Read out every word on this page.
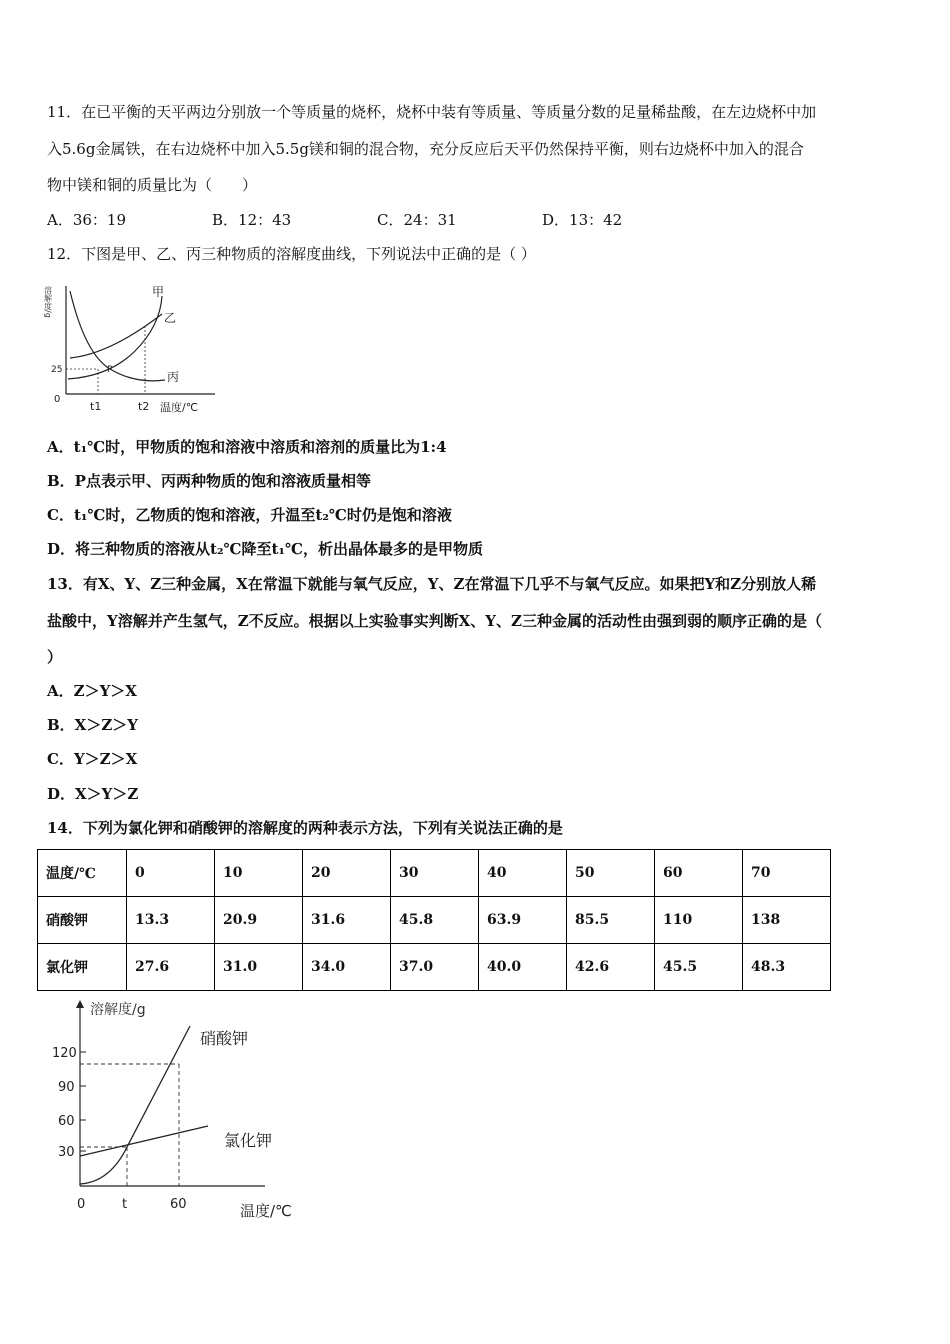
11．在已平衡的天平两边分别放一个等质量的烧杯，烧杯中装有等质量、等质量分数的足量稀盐酸，在左边烧杯中加
入5.6g金属铁，在右边烧杯中加入5.5g镁和铜的混合物，充分反应后天平仍然保持平衡，则右边烧杯中加入的混合
物中镁和铜的质量比为（　　）
A．36：19	B．12：43	C．24：31	D．13：42
12．下图是甲、乙、丙三种物质的溶解度曲线，下列说法中正确的是（ ）
溶解度/g
25
0
t1	t2 温度/℃
P
甲
乙
丙
A．t₁℃时，甲物质的饱和溶液中溶质和溶剂的质量比为1:4
B．P点表示甲、丙两种物质的饱和溶液质量相等
C．t₁℃时，乙物质的饱和溶液，升温至t₂℃时仍是饱和溶液
D．将三种物质的溶液从t₂℃降至t₁℃，析出晶体最多的是甲物质
13．有X、Y、Z三种金属，X在常温下就能与氧气反应，Y、Z在常温下几乎不与氧气反应。如果把Y和Z分别放人稀
盐酸中，Y溶解并产生氢气，Z不反应。根据以上实验事实判断X、Y、Z三种金属的活动性由强到弱的顺序正确的是（
）
A．Z＞Y＞X
B．X＞Z＞Y
C．Y＞Z＞X
D．X＞Y＞Z
14．下列为氯化钾和硝酸钾的溶解度的两种表示方法，下列有关说法正确的是
温度/℃	0	10	20	30	40	50	60	70
硝酸钾	13.3	20.9	31.6	45.8	63.9	85.5	110	138
氯化钾	27.6	31.0	34.0	37.0	40.0	42.6	45.5	48.3
溶解度/g
120
90
60
30
0	t	60	温度/℃
硝酸钾
氯化钾
